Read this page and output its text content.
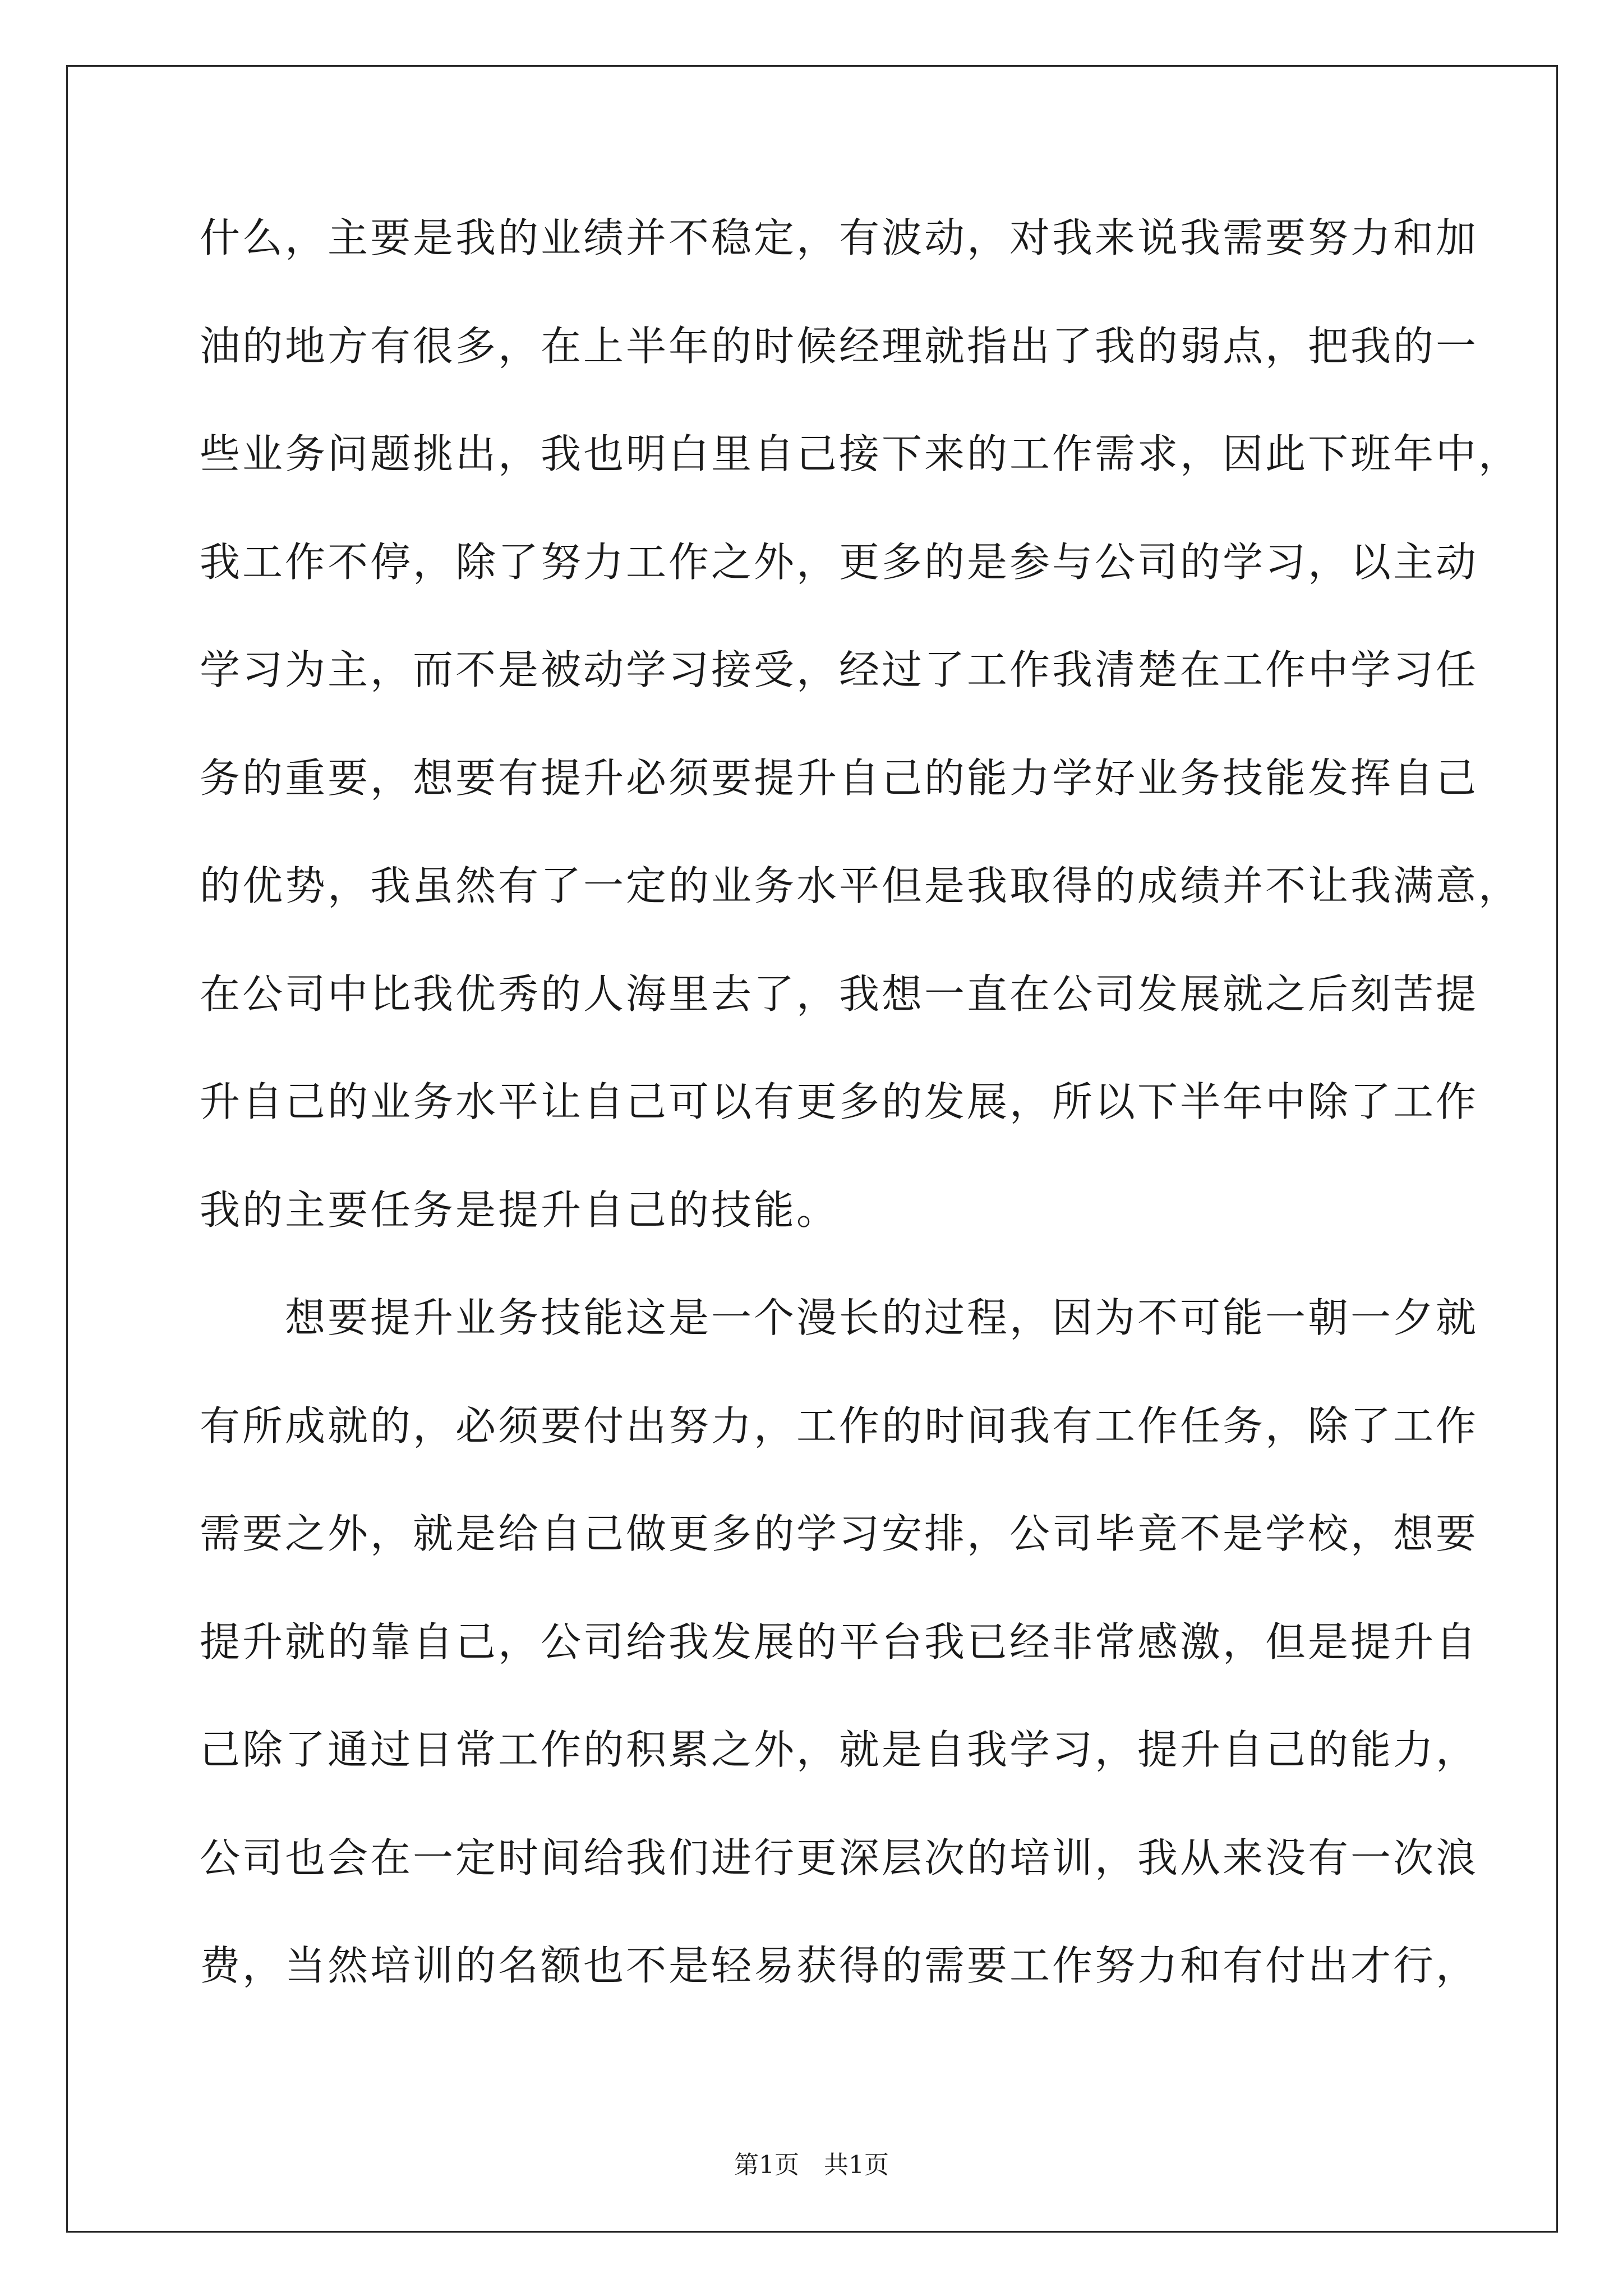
什么，主要是我的业绩并不稳定，有波动，对我来说我需要努力和加
油的地方有很多，在上半年的时候经理就指出了我的弱点，把我的一
些业务问题挑出，我也明白里自己接下来的工作需求，因此下班年中，
我工作不停，除了努力工作之外，更多的是参与公司的学习，以主动
学习为主，而不是被动学习接受，经过了工作我清楚在工作中学习任
务的重要，想要有提升必须要提升自己的能力学好业务技能发挥自己
的优势，我虽然有了一定的业务水平但是我取得的成绩并不让我满意，
在公司中比我优秀的人海里去了，我想一直在公司发展就之后刻苦提
升自己的业务水平让自己可以有更多的发展，所以下半年中除了工作
我的主要任务是提升自己的技能。
想要提升业务技能这是一个漫长的过程，因为不可能一朝一夕就
有所成就的，必须要付出努力，工作的时间我有工作任务，除了工作
需要之外，就是给自己做更多的学习安排，公司毕竟不是学校，想要
提升就的靠自己，公司给我发展的平台我已经非常感激，但是提升自
己除了通过日常工作的积累之外，就是自我学习，提升自己的能力，
公司也会在一定时间给我们进行更深层次的培训，我从来没有一次浪
费，当然培训的名额也不是轻易获得的需要工作努力和有付出才行，
第1页 共1页
